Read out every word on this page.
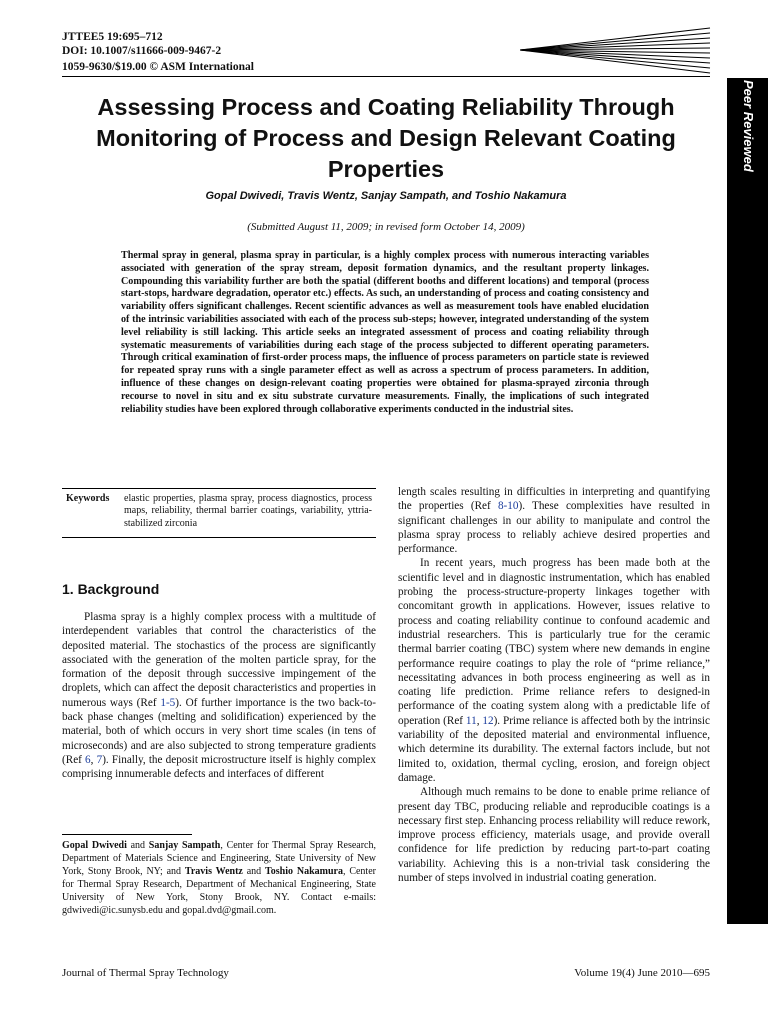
JTTEE5 19:695–712
DOI: 10.1007/s11666-009-9467-2
1059-9630/$19.00 © ASM International
Peer Reviewed
Assessing Process and Coating Reliability Through Monitoring of Process and Design Relevant Coating Properties
Gopal Dwivedi, Travis Wentz, Sanjay Sampath, and Toshio Nakamura
(Submitted August 11, 2009; in revised form October 14, 2009)

Thermal spray in general, plasma spray in particular, is a highly complex process with numerous interacting variables associated with generation of the spray stream, deposit formation dynamics, and the resultant property linkages. Compounding this variability further are both the spatial (different booths and different locations) and temporal (process start-stops, hardware degradation, operator etc.) effects. As such, an understanding of process and coating consistency and variability offers significant challenges. Recent scientific advances as well as measurement tools have enabled elucidation of the intrinsic variabilities associated with each of the process sub-steps; however, integrated understanding of the system level reliability is still lacking. This article seeks an integrated assessment of process and coating reliability through systematic measurements of variabilities during each stage of the process subjected to different operating parameters. Through critical examination of first-order process maps, the influence of process parameters on particle state is reviewed for repeated spray runs with a single parameter effect as well as across a spectrum of process parameters. In addition, influence of these changes on design-relevant coating properties were obtained for plasma-sprayed zirconia through recourse to novel in situ and ex situ substrate curvature measurements. Finally, the implications of such integrated reliability studies have been explored through collaborative experiments conducted in the industrial sites.

Keywords	elastic properties, plasma spray, process diagnostics, process maps, reliability, thermal barrier coatings, variability, yttria-stabilized zirconia
1. Background

Plasma spray is a highly complex process with a multitude of interdependent variables that control the characteristics of the deposited material. The stochastics of the process are significantly associated with the generation of the molten particle spray, for the formation of the deposit through successive impingement of the droplets, which can affect the deposit characteristics and properties in numerous ways (Ref 1-5). Of further importance is the two back-to-back phase changes (melting and solidification) experienced by the material, both of which occurs in very short time scales (in tens of microseconds) and are also subjected to strong temperature gradients (Ref 6, 7). Finally, the deposit microstructure itself is highly complex comprising innumerable defects and interfaces of different

Gopal Dwivedi and Sanjay Sampath, Center for Thermal Spray Research, Department of Materials Science and Engineering, State University of New York, Stony Brook, NY; and Travis Wentz and Toshio Nakamura, Center for Thermal Spray Research, Department of Mechanical Engineering, State University of New York, Stony Brook, NY. Contact e-mails: gdwivedi@ic.sunysb.edu and gopal.dvd@gmail.com.

length scales resulting in difficulties in interpreting and quantifying the properties (Ref 8-10). These complexities have resulted in significant challenges in our ability to manipulate and control the plasma spray process to reliably achieve desired properties and performance.

In recent years, much progress has been made both at the scientific level and in diagnostic instrumentation, which has enabled probing the process-structure-property linkages together with concomitant growth in applications. However, issues relative to process and coating reliability continue to confound academic and industrial researchers. This is particularly true for the ceramic thermal barrier coating (TBC) system where new demands in engine performance require coatings to play the role of “prime reliance,” necessitating advances in both process engineering as well as in coating life prediction. Prime reliance refers to designed-in performance of the coating system along with a predictable life of operation (Ref 11, 12). Prime reliance is affected both by the intrinsic variability of the deposited material and environmental influence, which determine its durability. The external factors include, but not limited to, oxidation, thermal cycling, erosion, and foreign object damage.

Although much remains to be done to enable prime reliance of present day TBC, producing reliable and reproducible coatings is a necessary first step. Enhancing process reliability will reduce rework, improve process efficiency, materials usage, and provide overall confidence for life prediction by reducing part-to-part coating variability. Achieving this is a non-trivial task considering the number of steps involved in industrial coating generation.

Journal of Thermal Spray Technology	Volume 19(4) June 2010—695
